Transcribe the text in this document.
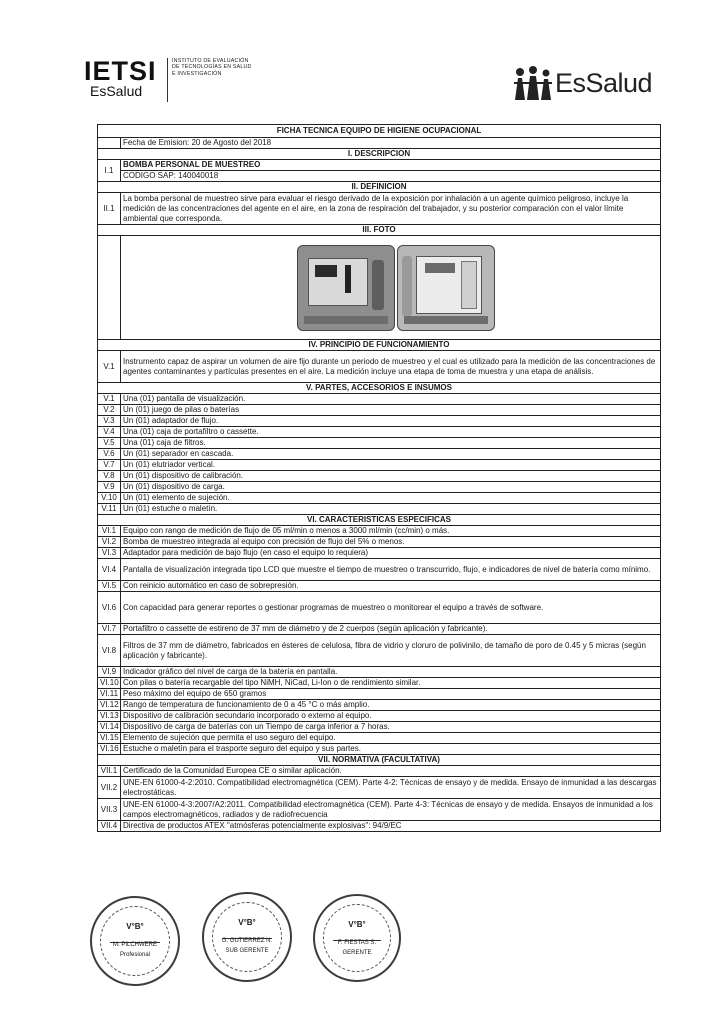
IETSI
EsSalud
INSTITUTO DE EVALUACIÓN DE TECNOLOGÍAS EN SALUD E INVESTIGACIÓN	EsSalud
FICHA TECNICA EQUIPO DE HIGIENE OCUPACIONAL	
	Fecha de Emision: 20 de Agosto del 2018
I. DESCRIPCION	
I.1	BOMBA PERSONAL DE MUESTREO
	CODIGO SAP: 140040018
II. DEFINICION	
II.1	La bomba personal de muestreo sirve para evaluar el riesgo derivado de la exposición por inhalación a un agente químico peligroso, incluye la medición de las concentraciones del agente en el aire, en la zona de respiración del trabajador, y su posterior comparación con el valor límite ambiental que corresponda.
III. FOTO	

IV. PRINCIPIO DE FUNCIONAMIENTO	
V.1	Instrumento capaz de aspirar un volumen de aire fijo durante un periodo de muestreo y el cual es utilizado para la medición de las concentraciones de agentes contaminantes y partículas presentes en el aire. La medición incluye una etapa de toma de muestra y una etapa de análisis.
V. PARTES, ACCESORIOS E INSUMOS	
V.1	Una (01) pantalla de visualización.
V.2	Un (01) juego de pilas o baterías
V.3	Un (01) adaptador de flujo.
V.4	Una (01) caja de portafiltro o cassette.
V.5	Una (01) caja de filtros.
V.6	Un (01) separador en cascada.
V.7	Un (01) elutriador vertical.
V.8	Un (01) dispositivo de calibración.
V.9	Un (01) dispositivo de carga.
V.10	Un (01) elemento de sujeción.
V.11	Un (01) estuche o maletín.
VI. CARACTERISTICAS ESPECIFICAS	
VI.1	Equipo con rango de medición de flujo de 05 ml/min o menos a 3000 ml/min (cc/min) o más.
VI.2	Bomba de muestreo integrada al equipo con precisión de flujo del 5% o menos.
VI.3	Adaptador para medición de bajo flujo (en caso el equipo lo requiera)
VI.4	Pantalla de visualización integrada tipo LCD que muestre el tiempo de muestreo o transcurrido, flujo, e indicadores de nivel de batería como mínimo.
VI.5	Con reinicio automático en caso de sobrepresión.
VI.6	Con capacidad para generar reportes o gestionar programas de muestreo o monitorear el equipo a través de software.
VI.7	Portafiltro o cassette de estireno de 37 mm de diámetro y de 2 cuerpos (según aplicación y fabricante).
VI.8	Filtros de 37 mm de diámetro, fabricados en ésteres de celulosa, fibra de vidrio y cloruro de polivinilo, de tamaño de poro de 0.45 y 5 micras (según aplicación y fabricante).
VI.9	Indicador gráfico del nivel de carga de la batería en pantalla.
VI.10	Con pilas o batería recargable del tipo NiMH, NiCad, Li-Ion o de rendimiento similar.
VI.11	Peso máximo del equipo de 650 gramos
VI.12	Rango de temperatura de funcionamiento de 0 a 45 °C o más amplio.
VI.13	Dispositivo de calibración secundario incorporado o externo al equipo.
VI.14	Dispositivo de carga de baterías con un Tiempo de carga inferior a 7 horas.
VI.15	Elemento de sujeción que permita el uso seguro del equipo.
VI.16	Estuche o maletín para el trasporte seguro del equipo y sus partes.
VII. NORMATIVA (FACULTATIVA)	
VII.1	Certificado de la Comunidad Europea CE o similar aplicación.
VII.2	UNE-EN 61000-4-2:2010. Compatibilidad electromagnética (CEM). Parte 4-2: Técnicas de ensayo y de medida. Ensayo de inmunidad a las descargas electrostáticas.
VII.3	UNE-EN 61000-4-3:2007/A2:2011. Compatibilidad electromagnética (CEM). Parte 4-3: Técnicas de ensayo y de medida. Ensayos de inmunidad a los campos electromagnéticos, radiados y de radiofrecuencia
VII.4	Directiva de productos ATEX "atmósferas potencialmente explosivas": 94/9/EC
V°B°
M. PILCHWERE
Profesional
V°B°
G. GUTIERREZ N.
SUB GERENTE
V°B°
F. FIESTAS S.
GERENTE
